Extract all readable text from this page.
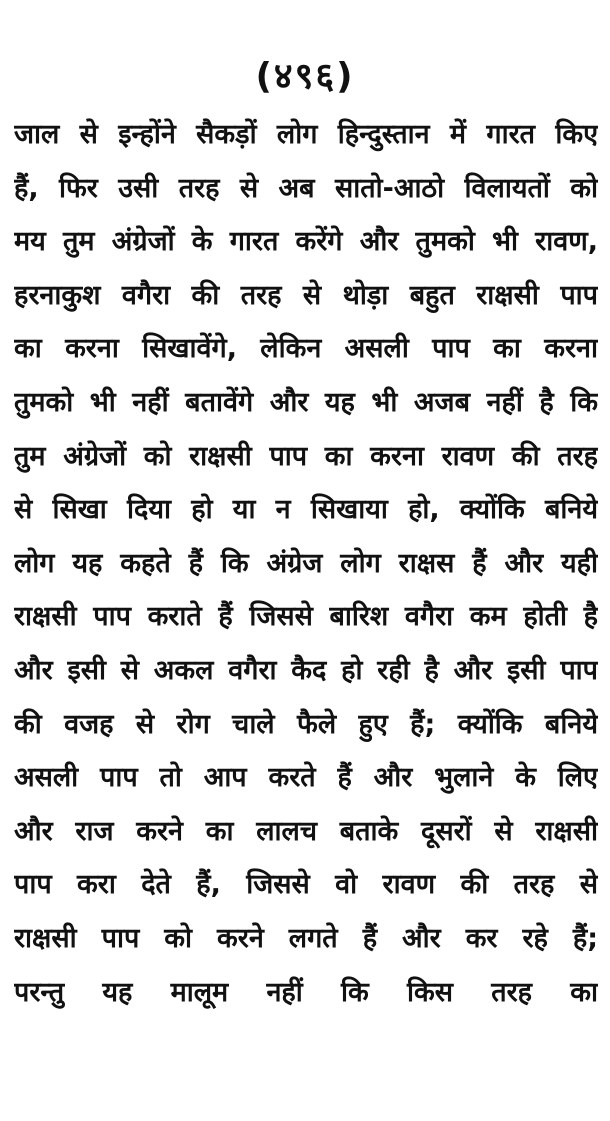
(४९६)
जाल से इन्होंने सैकड़ों लोग हिन्दुस्तान में गारत किए
हैं, फिर उसी तरह से अब सातो-आठो विलायतों को
मय तुम अंग्रेजों के गारत करेंगे और तुमको भी रावण,
हरनाकुश वगैरा की तरह से थोड़ा बहुत राक्षसी पाप
का करना सिखावेंगे, लेकिन असली पाप का करना
तुमको भी नहीं बतावेंगे और यह भी अजब नहीं है कि
तुम अंग्रेजों को राक्षसी पाप का करना रावण की तरह
से सिखा दिया हो या न सिखाया हो, क्योंकि बनिये
लोग यह कहते हैं कि अंग्रेज लोग राक्षस हैं और यही
राक्षसी पाप कराते हैं जिससे बारिश वगैरा कम होती है
और इसी से अकल वगैरा कैद हो रही है और इसी पाप
की वजह से रोग चाले फैले हुए हैं; क्योंकि बनिये
असली पाप तो आप करते हैं और भुलाने के लिए
और राज करने का लालच बताके दूसरों से राक्षसी
पाप करा देते हैं, जिससे वो रावण की तरह से
राक्षसी पाप को करने लगते हैं और कर रहे हैं;
परन्तु यह मालूम नहीं कि किस तरह का
